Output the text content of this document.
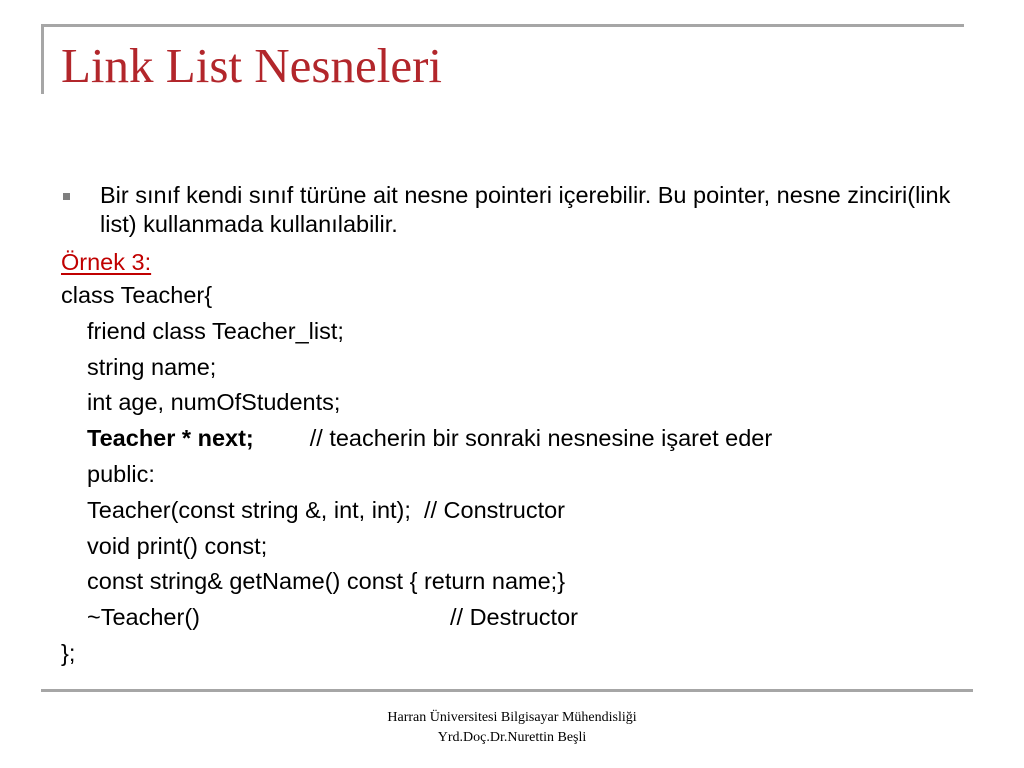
Link List Nesneleri
Bir sınıf kendi sınıf türüne ait nesne pointeri içerebilir. Bu pointer, nesne zinciri(link list) kullanmada kullanılabilir.
Örnek 3:
class Teacher{
friend class Teacher_list;
string name;
int age, numOfStudents;
Teacher * next; // teacherin bir sonraki nesnesine işaret eder
public:
Teacher(const string &, int, int);  // Constructor
void print() const;
const string& getName() const { return name;}
~Teacher()	// Destructor
};
Harran Üniversitesi Bilgisayar Mühendisliği
Yrd.Doç.Dr.Nurettin Beşli
